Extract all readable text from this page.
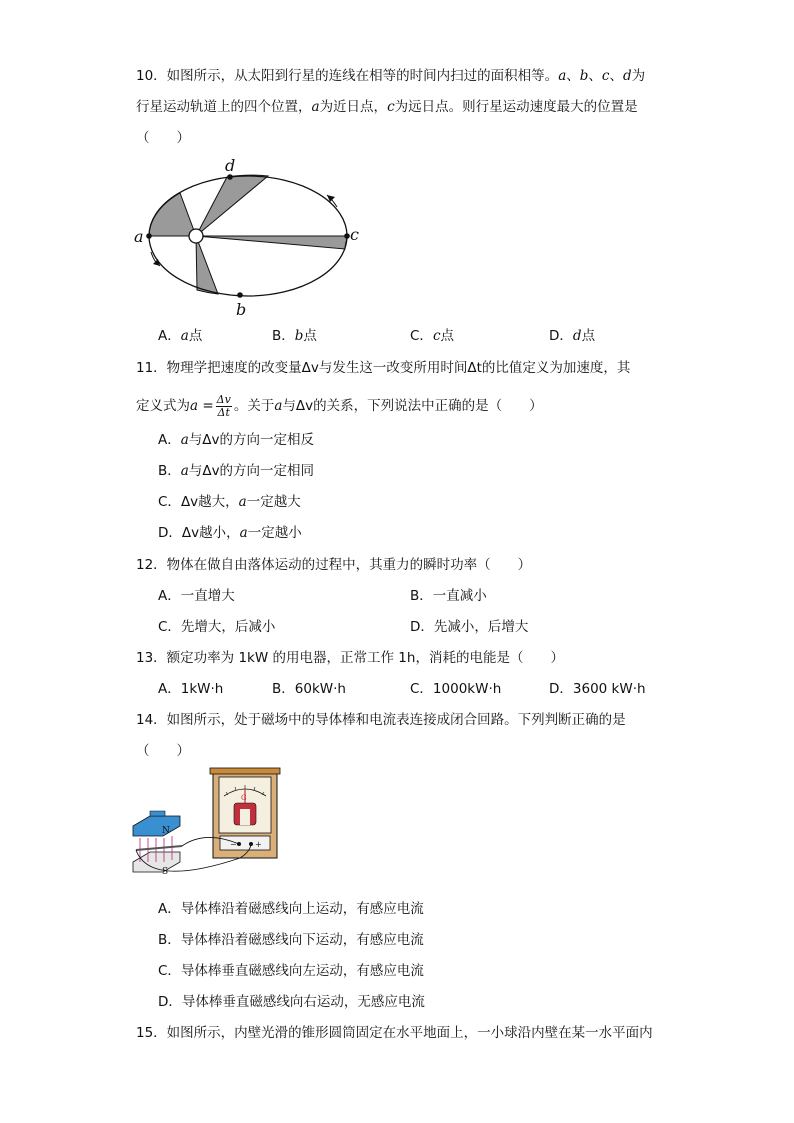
10．如图所示，从太阳到行星的连线在相等的时间内扫过的面积相等。a、b、c、d为
行星运动轨道上的四个位置，a为近日点，c为远日点。则行星运动速度最大的位置是
（　　）
a
b
c
d
A．a点	B．b点	C．c点	D．d点
11．物理学把速度的改变量Δv与发生这一改变所用时间Δt的比值定义为加速度，其
定义式为$a = \frac{\Delta v}{\Delta t}$ 。关于a与Δv的关系，下列说法中正确的是（　　）
A．a与Δv的方向一定相反
B．a与Δv的方向一定相同
C．Δv越大，a一定越大
D．Δv越小，a一定越小
12．物体在做自由落体运动的过程中，其重力的瞬时功率（　　）
A．一直增大	B．一直减小
C．先增大，后减小	D．先减小，后增大
13．额定功率为 1kW 的用电器，正常工作 1h，消耗的电能是（　　）
A．1kW·h	B．60kW·h	C．1000kW·h	D．3600 kW·h
14．如图所示，处于磁场中的导体棒和电流表连接成闭合回路。下列判断正确的是
（　　）
G
− +
N
S
A．导体棒沿着磁感线向上运动，有感应电流
B．导体棒沿着磁感线向下运动，有感应电流
C．导体棒垂直磁感线向左运动，有感应电流
D．导体棒垂直磁感线向右运动，无感应电流
15．如图所示，内壁光滑的锥形圆筒固定在水平地面上，一小球沿内壁在某一水平面内
